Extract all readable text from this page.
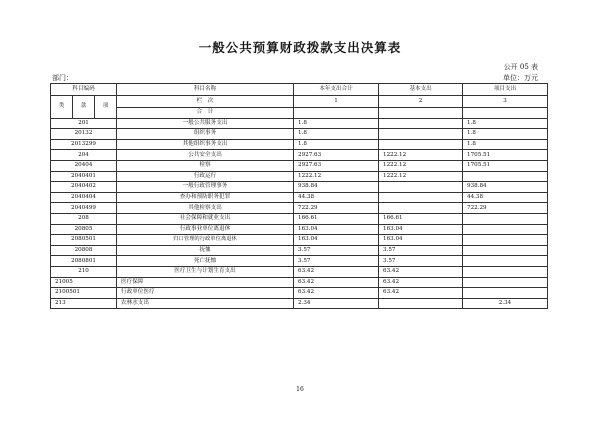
一般公共预算财政拨款支出决算表
公开 05 表
部门：	单位：万元
科目编码			科目名称	本年支出合计	基本支出	项目支出
类	款	项	栏　次	1	2	3
			合　计			
201			一般公共服务支出	1.8		1.8
20132			组织事务	1.8		1.8
2013299			其他组织事务支出	1.8		1.8
204			公共安全支出	2927.63	1222.12	1705.51
20404			检察	2927.63	1222.12	1705.51
2040401			行政运行	1222.12	1222.12	
2040402			一般行政管理事务	938.84		938.84
2040404			查办和预防职务犯罪	44.38		44.38
2040499			其他检察支出	722.29		722.29
208			社会保障和就业支出	166.61	166.61	
20805			行政事业单位离退休	163.04	163.04	
2080501			归口管理的行政单位离退休	163.04	163.04	
20808			抚恤	3.57	3.57	
2080801			死亡抚恤	3.57	3.57	
210			医疗卫生与计划生育支出	63.42	63.42	
21005			医疗保障	63.42	63.42	
2100501			行政单位医疗	63.42	63.42	
213			农林水支出	2.34		2.34
16
